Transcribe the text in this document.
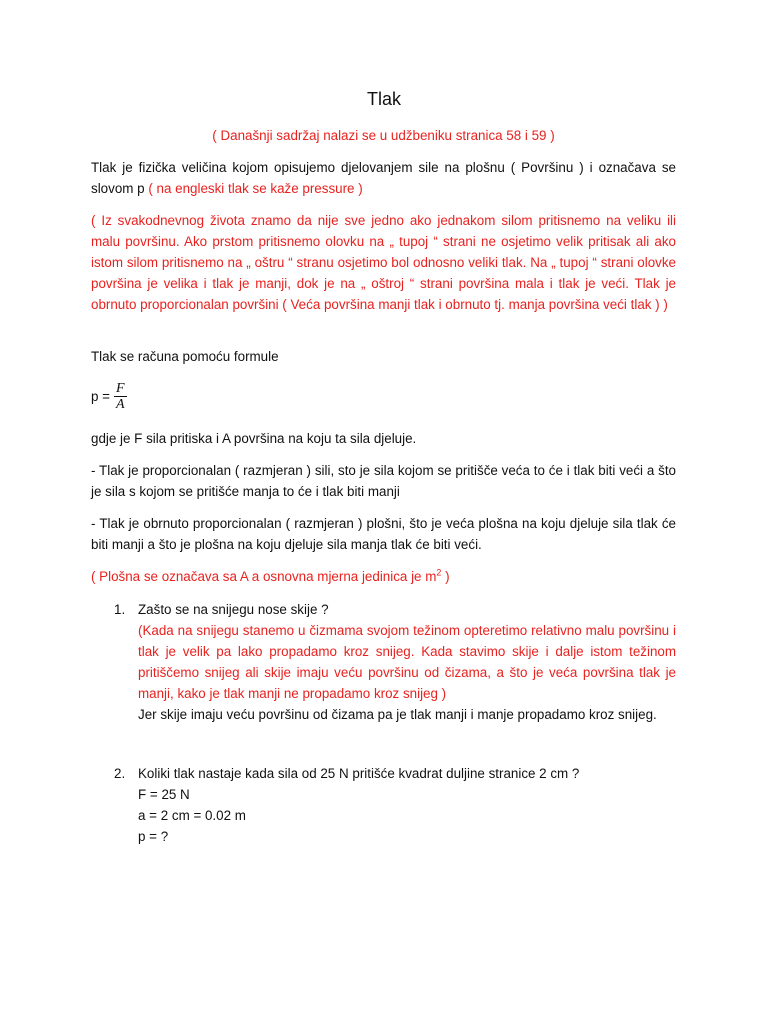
Tlak
( Današnji sadržaj nalazi se u udžbeniku stranica 58 i 59 )
Tlak je fizička veličina kojom opisujemo djelovanjem sile na plošnu ( Površinu ) i označava se slovom p ( na engleski tlak se kaže pressure )
( Iz svakodnevnog života znamo da nije sve jedno ako jednakom silom pritisnemo na veliku ili malu površinu. Ako prstom pritisnemo olovku na „ tupoj “ strani ne osjetimo velik pritisak ali ako istom silom pritisnemo na „ oštru “ stranu osjetimo bol odnosno veliki tlak. Na „ tupoj “ strani olovke površina je velika i tlak je manji, dok je na „ oštroj “ strani površina mala i tlak je veći. Tlak je obrnuto proporcionalan površini ( Veća površina manji tlak i obrnuto tj. manja površina veći tlak ) )
Tlak se računa pomoću formule
$p = \frac{F}{A}$
gdje je F sila pritiska i A površina na koju ta sila djeluje.
- Tlak je proporcionalan ( razmjeran ) sili, sto je sila kojom se pritišče veća to će i tlak biti veći a što je sila s kojom se pritišće manja to će i tlak biti manji
- Tlak je obrnuto proporcionalan ( razmjeran ) plošni, što je veća plošna na koju djeluje sila tlak će biti manji a što je plošna na koju djeluje sila manja tlak će biti veći.
( Plošna se označava sa A a osnovna mjerna jedinica je $m^2$ )
1. Zašto se na snijegu nose skije ?
(Kada na snijegu stanemo u čizmama svojom težinom opteretimo relativno malu površinu i tlak je velik pa lako propadamo kroz snijeg. Kada stavimo skije i dalje istom težinom pritiščemo snijeg ali skije imaju veću površinu od čizama, a što je veća površina tlak je manji, kako je tlak manji ne propadamo kroz snijeg )
Jer skije imaju veću površinu od čizama pa je tlak manji i manje propadamo kroz snijeg.
2. Koliki tlak nastaje kada sila od 25 N pritišće kvadrat duljine stranice 2 cm ?
F = 25 N
a = 2 cm = 0.02 m
p = ?
